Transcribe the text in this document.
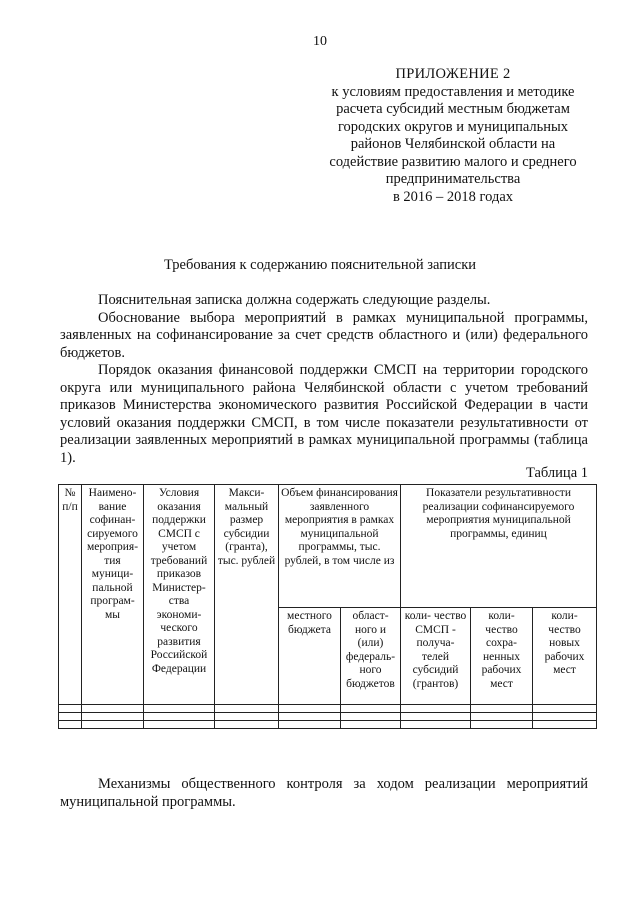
10
ПРИЛОЖЕНИЕ 2
к условиям предоставления и методике
расчета субсидий местным бюджетам
городских округов и муниципальных
районов Челябинской области на
содействие развитию малого и среднего
предпринимательства
в 2016 – 2018 годах
Требования к содержанию пояснительной записки

Пояснительная записка должна содержать следующие разделы.

Обоснование выбора мероприятий в рамках муниципальной программы, заявленных на софинансирование за счет средств областного и (или) федерального бюджетов.

Порядок оказания финансовой поддержки СМСП на территории городского округа или муниципального района Челябинской области с учетом требований приказов Министерства экономического развития Российской Федерации в части условий оказания поддержки СМСП, в том числе показатели результативности от реализации заявленных мероприятий в рамках муниципальной программы (таблица 1).

Таблица 1
№ п/п	Наимено- вание софинан- сируемого мероприя- тия муници- пальной програм- мы	Условия оказания поддержки СМСП с учетом требований приказов Министер- ства экономи- ческого развития Российской Федерации	Макси- мальный размер субсидии (гранта), тыс. рублей	Объем финансирования заявленного мероприятия в рамках муниципальной программы, тыс. рублей, в том числе из		Показатели результативности реализации софинансируемого мероприятия муниципальной программы, единиц		
				местного бюджета	област- ного и (или) федераль- ного бюджетов	коли- чество СМСП - получа- телей субсидий (грантов)	коли- чество сохра- ненных рабочих мест	коли- чество новых рабочих мест

Механизмы общественного контроля за ходом реализации мероприятий муниципальной программы.
